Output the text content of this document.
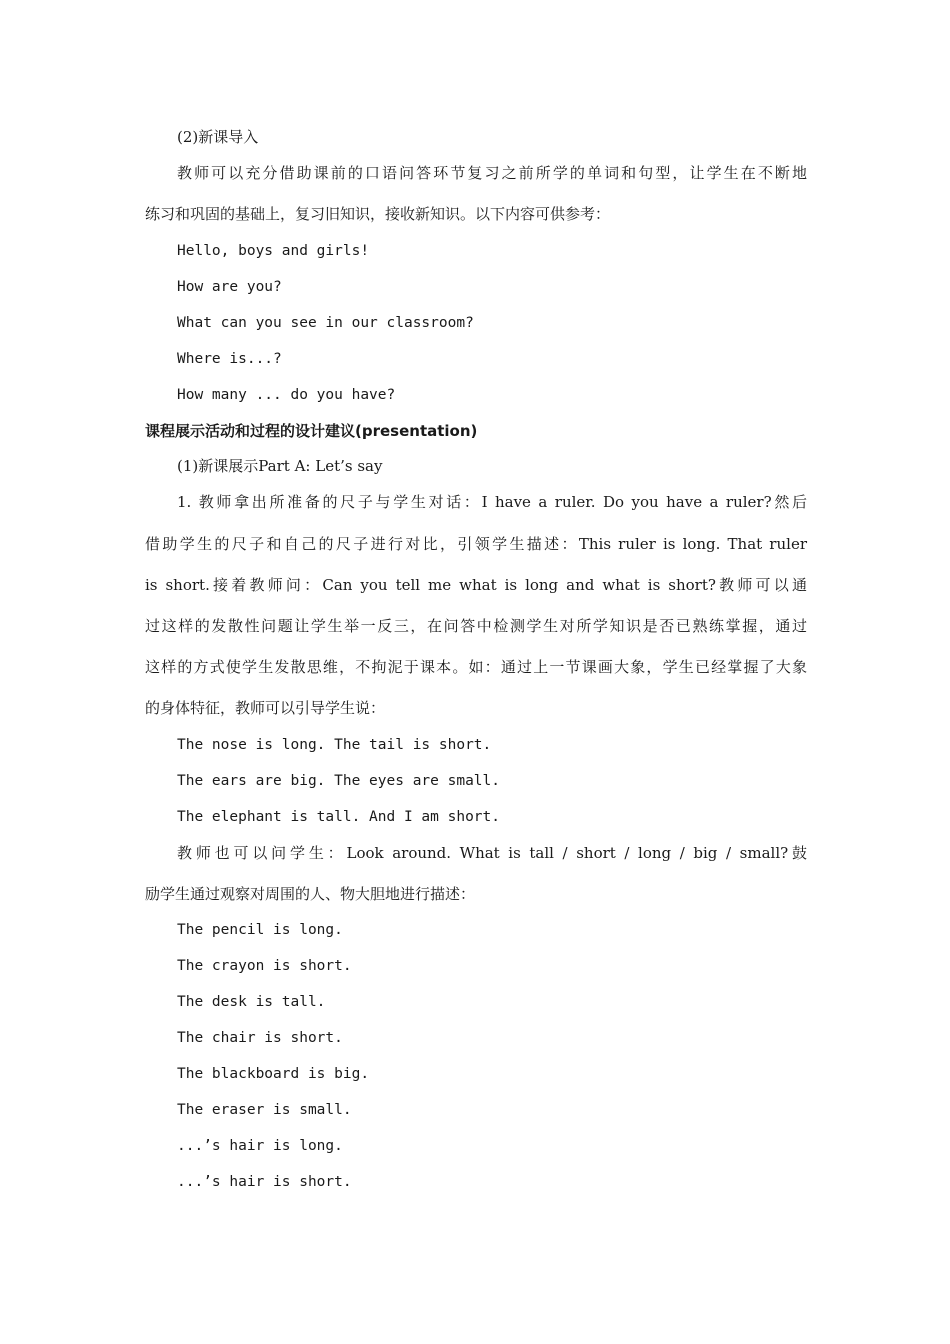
(2)新课导入
教师可以充分借助课前的口语问答环节复习之前所学的单词和句型，让学生在不断地
练习和巩固的基础上，复习旧知识，接收新知识。以下内容可供参考：
Hello, boys and girls!
How are you?
What can you see in our classroom?
Where is...?
How many ... do you have?
课程展示活动和过程的设计建议(presentation)
(1)新课展示Part A: Let’s say
1. 教师拿出所准备的尺子与学生对话：I have a ruler. Do you have a ruler?然后
借助学生的尺子和自己的尺子进行对比，引领学生描述：This ruler is long. That ruler
is short.接着教师问：Can you tell me what is long and what is short?教师可以通
过这样的发散性问题让学生举一反三，在问答中检测学生对所学知识是否已熟练掌握，通过
这样的方式使学生发散思维，不拘泥于课本。如：通过上一节课画大象，学生已经掌握了大象
的身体特征，教师可以引导学生说：
The nose is long. The tail is short.
The ears are big. The eyes are small.
The elephant is tall. And I am short.
教师也可以问学生：Look around. What is tall / short / long / big / small?鼓
励学生通过观察对周围的人、物大胆地进行描述：
The pencil is long.
The crayon is short.
The desk is tall.
The chair is short.
The blackboard is big.
The eraser is small.
...’s hair is long.
...’s hair is short.
